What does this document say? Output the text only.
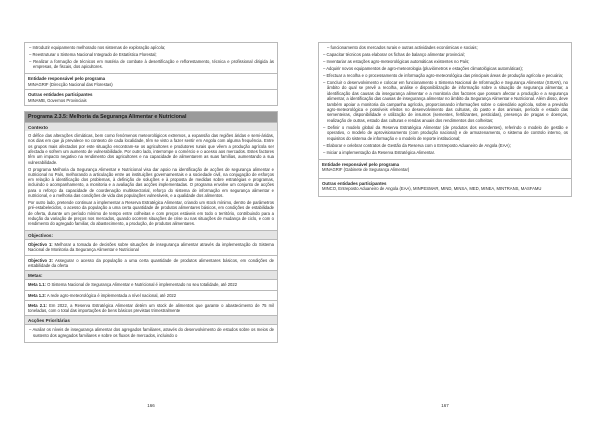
– Introduzir equipamento melhorado nos sistemas de exploração apícola;

– Reestruturar o Sistema Nacional Integrado de Estatística Florestal;

– Realizar a formação de técnicos em matéria de combate à desertificação e reflorestamento, técnica e profissional dirigida às empresas, de fiscais, dos apicultores.

Entidade responsável pelo programa

MINAGRIF (Direcção Nacional das Florestas)

Outras entidades participantes

MINAMB, Governos Provinciais

Programa 2.3.5: Melhoria da Segurança Alimentar e Nutricional
Contexto

O défice das alterações climáticas, bem como fenómenos meteorológicos extremos, a expansão das regiões áridas e semi-áridas, nos dias em que já prevalece no contexto de cada localidade, têm se visto a fazer sentir em Angola com alguma frequência. Entre os grupos mais afectados por este situação encontram-se os agricultores e produtores rurais que vêem a produção agrícola ser afectada e sofrem um aumento de vulnerabilidade. Por outro lado, interrompe o comércio e o acesso aos mercados. Estes factores têm um impacto negativo na rendimento dos agricultores e na capacidade de alimentarem as suas famílias, aumentando a sua vulnerabilidade.

O programa Melhoria da Segurança Alimentar e Nutricional visa dar apoio na identificação de acções de segurança alimentar e nutricional no País, melhorando a articulação entre as instituições governamentais e a sociedade civil, na conjugação de esforços em relação à identificação dos problemas, à definição de soluções e à proposta de medidas sobre estratégias e programas, incluindo o acompanhamento, a monitoria e a avaliação das acções implementadas. O programa envolve um conjunto de acções para o reforço da capacidade de coordenação multissectorial, reforço do sistema de informação em segurança alimentar e nutricional, e a melhoria das condições de vida das populações vulneráveis, e a qualidade dos alimentos.

Por outro lado, pretende continuar a implementar a Reserva Estratégica Alimentar, criando um stock mínimo, dentro de parâmetros pré-estabelecidos, o acesso da população a uma certa quantidade de produtos alimentares básicos, em condições de estabilidade de oferta, durante um período mínimo de tempo entre colheitas e com preços estáveis em todo o território, contribuindo para a redução da variação de preços nos mercados, quando ocorrem situações de crise ou nas situações de mudança de ciclo, e com o rendimento do agregado familiar, do abastecimento, a produção, de produtos alimentares.

Objectivos:

Objectivo 1: Melhorar a tomada de decisões sobre situações de insegurança alimentar através da implementação do Sistema Nacional de Monitoria da Segurança Alimentar e Nutricional

Objectivo 2: Assegurar o acesso da população a uma certa quantidade de produtos alimentares básicos, em condições de estabilidade da oferta

Metas:

Meta 1.1: O Sistema Nacional de Segurança Alimentar e Nutricional é implementado no seu totalidade, até 2022

Meta 1.2: A rede agro-meteorológica é implementada a nível nacional, até 2022

Meta 2.1: Em 2022, a Reserva Estratégica Alimentar detém um stock de alimentos que garante o abastecimento de 75 mil toneladas, com o total das importações de bens básicos previstas trimestralmente

Acções Prioritárias

– Avaliar os níveis de insegurança alimentar dos agregados familiares, através do desenvolvimento de estudos sobre os meios de sustento dos agregados familiares e sobre os fluxos de mercados, incluindo o

166

– funcionamento dos mercados rurais e outras actividades económicas e sociais;

– Capacitar técnicos para elaborar os fichas de balanço alimentar provincial;

– Inventariar as estações agro-meteorológicas automáticas existentes no País;

– Adquirir novos equipamentos de agro-meteorologia (pluviómetros e estações climatológicas automáticas);

– Efectuar a recolha e o processamento de informação agro-meteorológica das principais áreas de produção agrícola e pecuária;

– Concluir o desenvolvimento e colocar em funcionamento o Sistema Nacional de Informação e Segurança Alimentar (SISAN), no âmbito do qual se prevê a recolha, análise e disponibilização de informação sobre a situação de segurança alimentar, a identificação das causas da insegurança alimentar e a monitoria dos factores que possam afectar a produção e a segurança alimentar, a identificação das causas de insegurança alimentar no âmbito da Segurança Alimentar e Nutricional. Além disso, deve também apoiar a monitoria da campanha agrícola, proporcionando informações sobre o calendário agrícola, sobre a previsão agro-meteorológica e possíveis efeitos no desenvolvimento das culturas, do pasto e dos animais, período e estado das sementeiras, disponibilidade e utilização de insumos (sementes, fertilizantes, pesticidas), presença de pragas e doenças, realização de outras, estado das culturas e rendas anuais dos rendimentos dos colheitas;

– Definir o modelo global da Reserva Estratégica Alimentar (de produtos dos excedentes), referindo o modelo de gestão e operativo, o modelo de aprovisionamento (com produção nacional) e de armazenamento, o sistema de controlo interno, os requisitos do sistema de informação e o modelo de reporte institucional;

– Elaborar e celebrar contratos de Gestão da Reserva com o Entreposto Aduaneiro de Angola (EAA);

– Iniciar a implementação da Reserva Estratégica Alimentar.

Entidade responsável pelo programa

MINAGRIF (Gabinete de Segurança Alimentar)

Outras entidades participantes

MINCO, Entreposto Aduaneiro de Angola (EAA), MINPESMAR, MIND, MINSA, MED, MINEA, MINTRANS, MASFAMU

167
